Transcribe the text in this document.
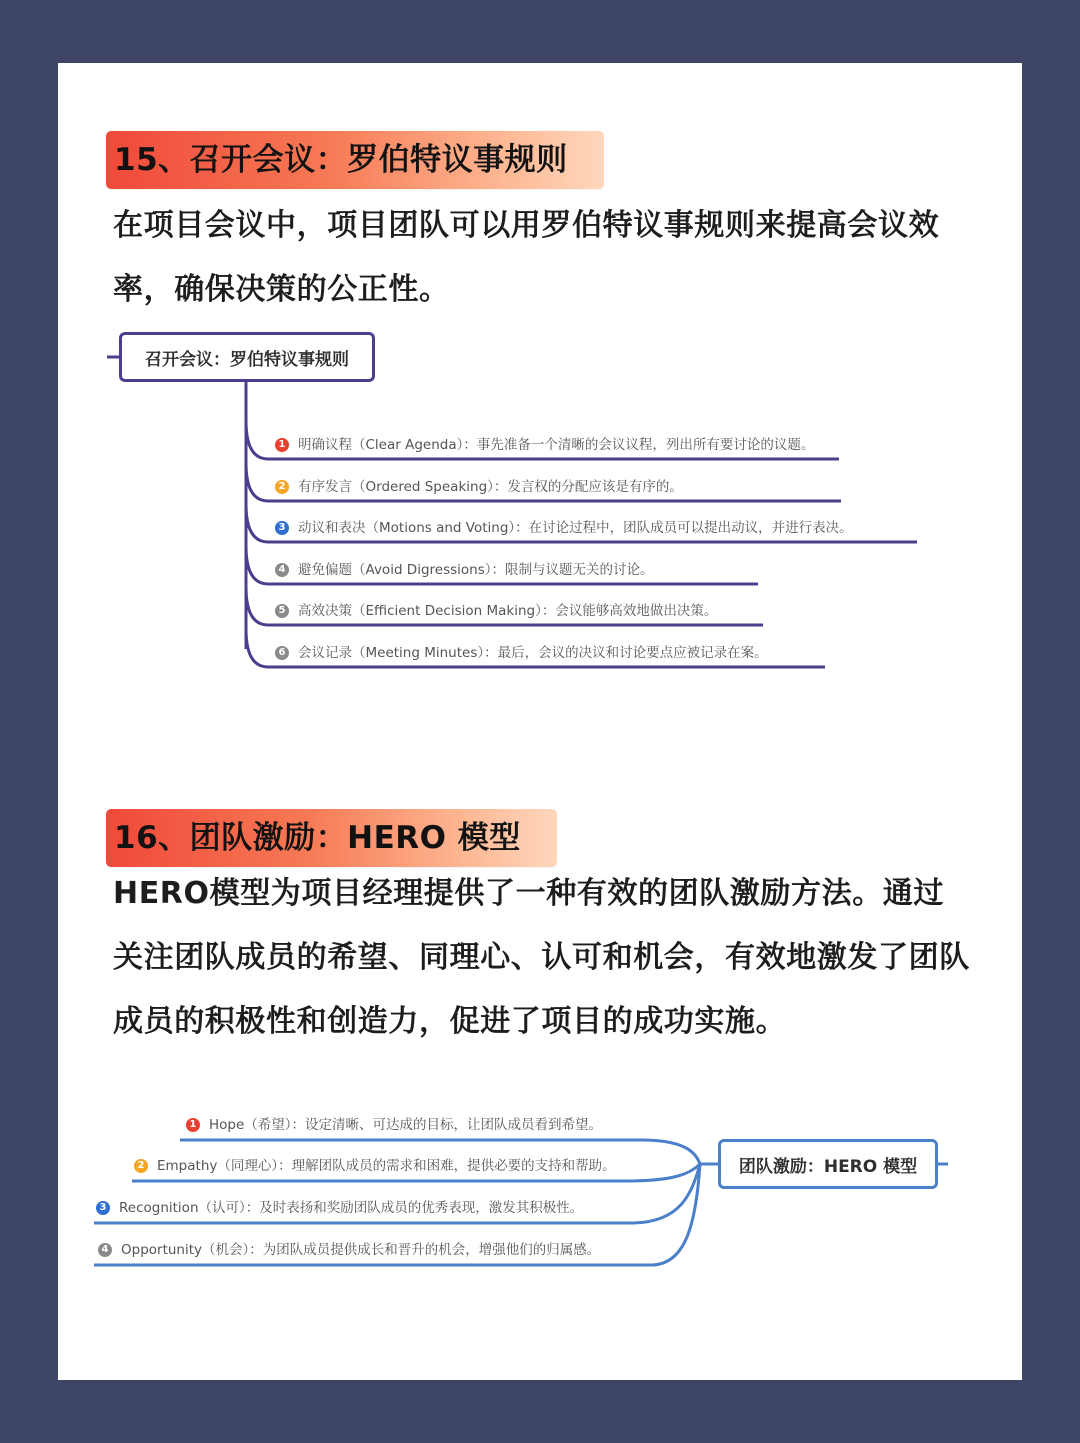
15、召开会议：罗伯特议事规则
在项目会议中，项目团队可以用罗伯特议事规则来提高会议效率，确保决策的公正性。
召开会议：罗伯特议事规则
1 明确议程（Clear Agenda）：事先准备一个清晰的会议议程，列出所有要讨论的议题。
2 有序发言（Ordered Speaking）：发言权的分配应该是有序的。
3 动议和表决（Motions and Voting）：在讨论过程中，团队成员可以提出动议，并进行表决。
4 避免偏题（Avoid Digressions）：限制与议题无关的讨论。
5 高效决策（Efficient Decision Making）：会议能够高效地做出决策。
6 会议记录（Meeting Minutes）：最后，会议的决议和讨论要点应被记录在案。
16、团队激励：HERO 模型
HERO模型为项目经理提供了一种有效的团队激励方法。通过关注团队成员的希望、同理心、认可和机会，有效地激发了团队成员的积极性和创造力，促进了项目的成功实施。
团队激励：HERO 模型
1 Hope（希望）：设定清晰、可达成的目标，让团队成员看到希望。
2 Empathy（同理心）：理解团队成员的需求和困难，提供必要的支持和帮助。
3 Recognition（认可）：及时表扬和奖励团队成员的优秀表现，激发其积极性。
4 Opportunity（机会）：为团队成员提供成长和晋升的机会，增强他们的归属感。
